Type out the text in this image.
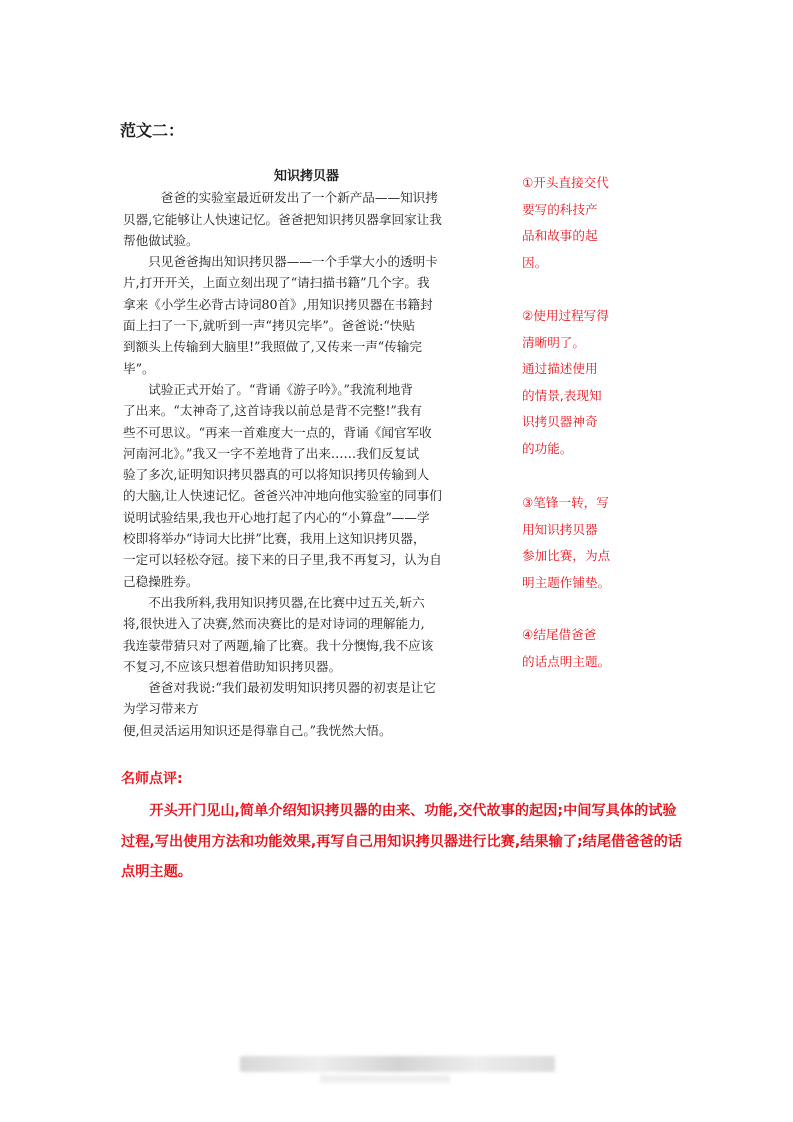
范文二：
知识拷贝器

　　　爸爸的实验室最近研发出了一个新产品——知识拷
贝器,它能够让人快速记忆。爸爸把知识拷贝器拿回家让我
帮他做试验。

　　只见爸爸掏出知识拷贝器——一个手掌大小的透明卡
片,打开开关，上面立刻出现了“请扫描书籍”几个字。我
拿来《小学生必背古诗词80首》,用知识拷贝器在书籍封
面上扫了一下,就听到一声“拷贝完毕”。爸爸说:“快贴
到额头上传输到大脑里!”我照做了,又传来一声“传输完
毕”。

　　试验正式开始了。“背诵《游子吟》。”我流利地背
了出来。“太神奇了,这首诗我以前总是背不完整!”我有
些不可思议。“再来一首难度大一点的，背诵《闻官军收
河南河北》。”我又一字不差地背了出来……我们反复试
验了多次,证明知识拷贝器真的可以将知识拷贝传输到人
的大脑,让人快速记忆。爸爸兴冲冲地向他实验室的同事们
说明试验结果,我也开心地打起了内心的“小算盘”——学
校即将举办“诗词大比拼”比赛，我用上这知识拷贝器，
一定可以轻松夺冠。接下来的日子里,我不再复习，认为自
己稳操胜券。

　　不出我所料,我用知识拷贝器,在比赛中过五关,斩六
将,很快进入了决赛,然而决赛比的是对诗词的理解能力,
我连蒙带猜只对了两题,输了比赛。我十分懊悔,我不应该
不复习,不应该只想着借助知识拷贝器。

　　爸爸对我说:“我们最初发明知识拷贝器的初衷是让它
为学习带来方
便,但灵活运用知识还是得靠自己。”我恍然大悟。

①开头直接交代
要写的科技产
品和故事的起
因。
②使用过程写得
清晰明了。
通过描述使用
的情景,表现知
识拷贝器神奇
的功能。
③笔锋一转，写
用知识拷贝器
参加比赛，为点
明主题作铺垫。
④结尾借爸爸
的话点明主题。
名师点评:
　　开头开门见山,简单介绍知识拷贝器的由来、功能,交代故事的起因;中间写具体的试验过程,写出使用方法和功能效果,再写自己用知识拷贝器进行比赛,结果输了;结尾借爸爸的话点明主题。
